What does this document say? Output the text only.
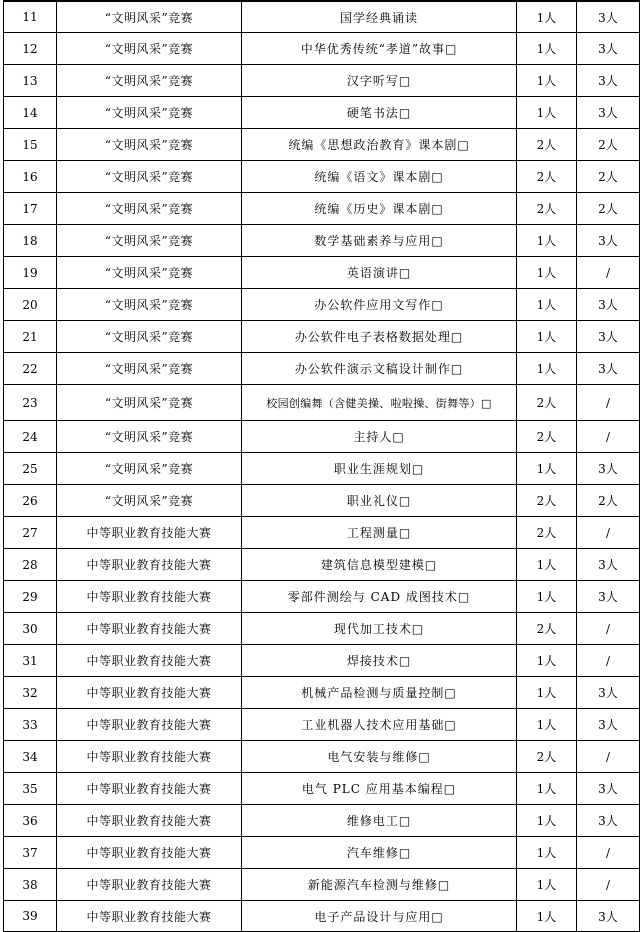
11	“文明风采”竞赛	国学经典诵读	1人	3人
12	“文明风采”竞赛	中华优秀传统“孝道”故事□	1人	3人
13	“文明风采”竞赛	汉字听写□	1人	3人
14	“文明风采”竞赛	硬笔书法□	1人	3人
15	“文明风采”竞赛	统编《思想政治教育》课本剧□	2人	2人
16	“文明风采”竞赛	统编《语文》课本剧□	2人	2人
17	“文明风采”竞赛	统编《历史》课本剧□	2人	2人
18	“文明风采”竞赛	数学基础素养与应用□	1人	3人
19	“文明风采”竞赛	英语演讲□	1人	/
20	“文明风采”竞赛	办公软件应用文写作□	1人	3人
21	“文明风采”竞赛	办公软件电子表格数据处理□	1人	3人
22	“文明风采”竞赛	办公软件演示文稿设计制作□	1人	3人
23	“文明风采”竞赛	校园创编舞（含健美操、啦啦操、街舞等）□	2人	/
24	“文明风采”竞赛	主持人□	2人	/
25	“文明风采”竞赛	职业生涯规划□	1人	3人
26	“文明风采”竞赛	职业礼仪□	2人	2人
27	中等职业教育技能大赛	工程测量□	2人	/
28	中等职业教育技能大赛	建筑信息模型建模□	1人	3人
29	中等职业教育技能大赛	零部件测绘与 CAD 成图技术□	1人	3人
30	中等职业教育技能大赛	现代加工技术□	2人	/
31	中等职业教育技能大赛	焊接技术□	1人	/
32	中等职业教育技能大赛	机械产品检测与质量控制□	1人	3人
33	中等职业教育技能大赛	工业机器人技术应用基础□	1人	3人
34	中等职业教育技能大赛	电气安装与维修□	2人	/
35	中等职业教育技能大赛	电气 PLC 应用基本编程□	1人	3人
36	中等职业教育技能大赛	维修电工□	1人	3人
37	中等职业教育技能大赛	汽车维修□	1人	/
38	中等职业教育技能大赛	新能源汽车检测与维修□	1人	/
39	中等职业教育技能大赛	电子产品设计与应用□	1人	3人
